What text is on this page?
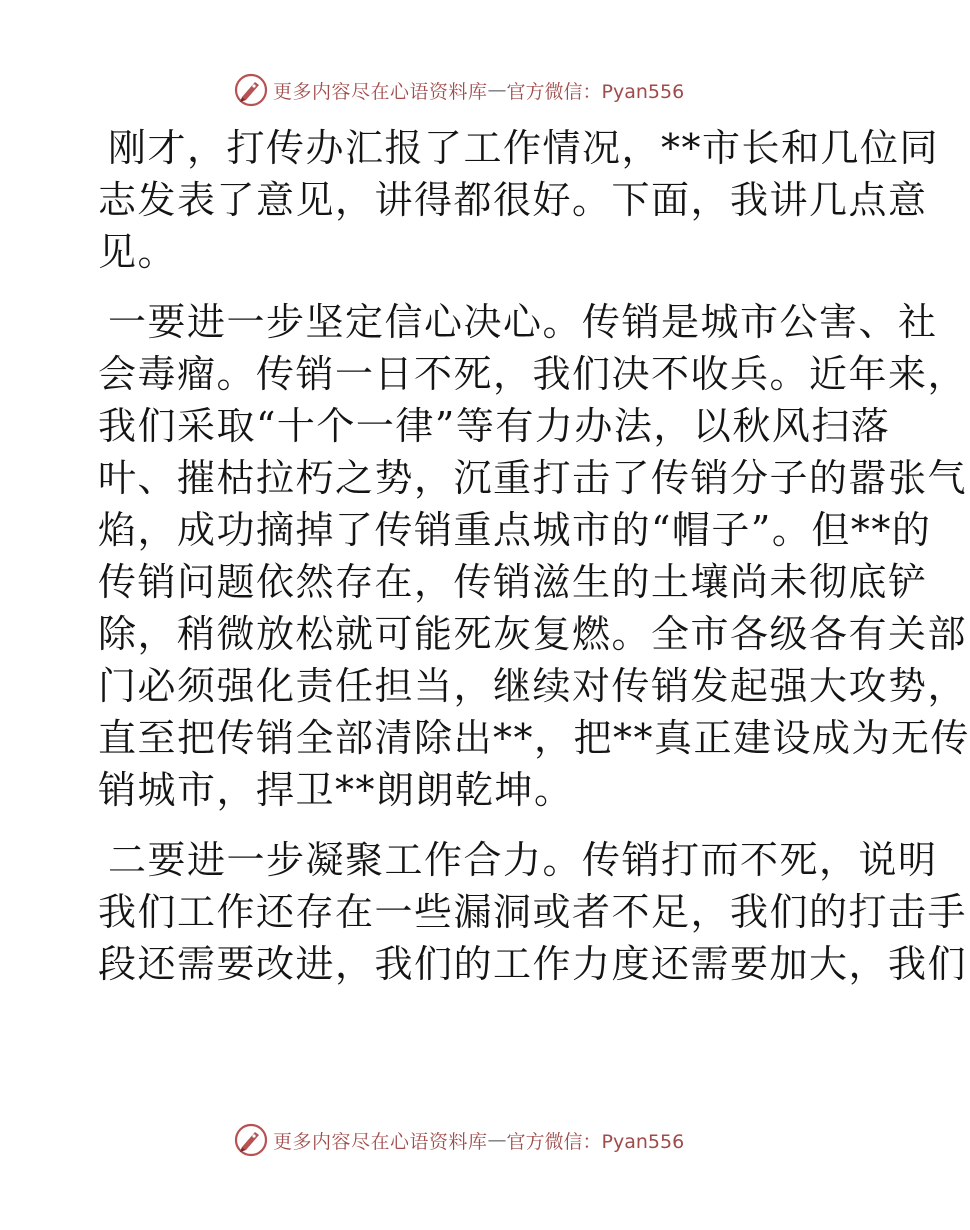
更多内容尽在心语资料库 — 官方微信：Pyan556
刚才，打传办汇报了工作情况，**市长和几位同
志发表了意见，讲得都很好。下面，我讲几点意
见。
一要进一步坚定信心决心。传销是城市公害、社
会毒瘤。传销一日不死，我们决不收兵。近年来，
我们采取“十个一律”等有力办法，以秋风扫落
叶、摧枯拉朽之势，沉重打击了传销分子的嚣张气
焰，成功摘掉了传销重点城市的“帽子”。但**的
传销问题依然存在，传销滋生的土壤尚未彻底铲
除，稍微放松就可能死灰复燃。全市各级各有关部
门必须强化责任担当，继续对传销发起强大攻势，
直至把传销全部清除出**，把**真正建设成为无传
销城市，捍卫**朗朗乾坤。
二要进一步凝聚工作合力。传销打而不死，说明
我们工作还存在一些漏洞或者不足，我们的打击手
段还需要改进，我们的工作力度还需要加大，我们
更多内容尽在心语资料库 — 官方微信：Pyan556
